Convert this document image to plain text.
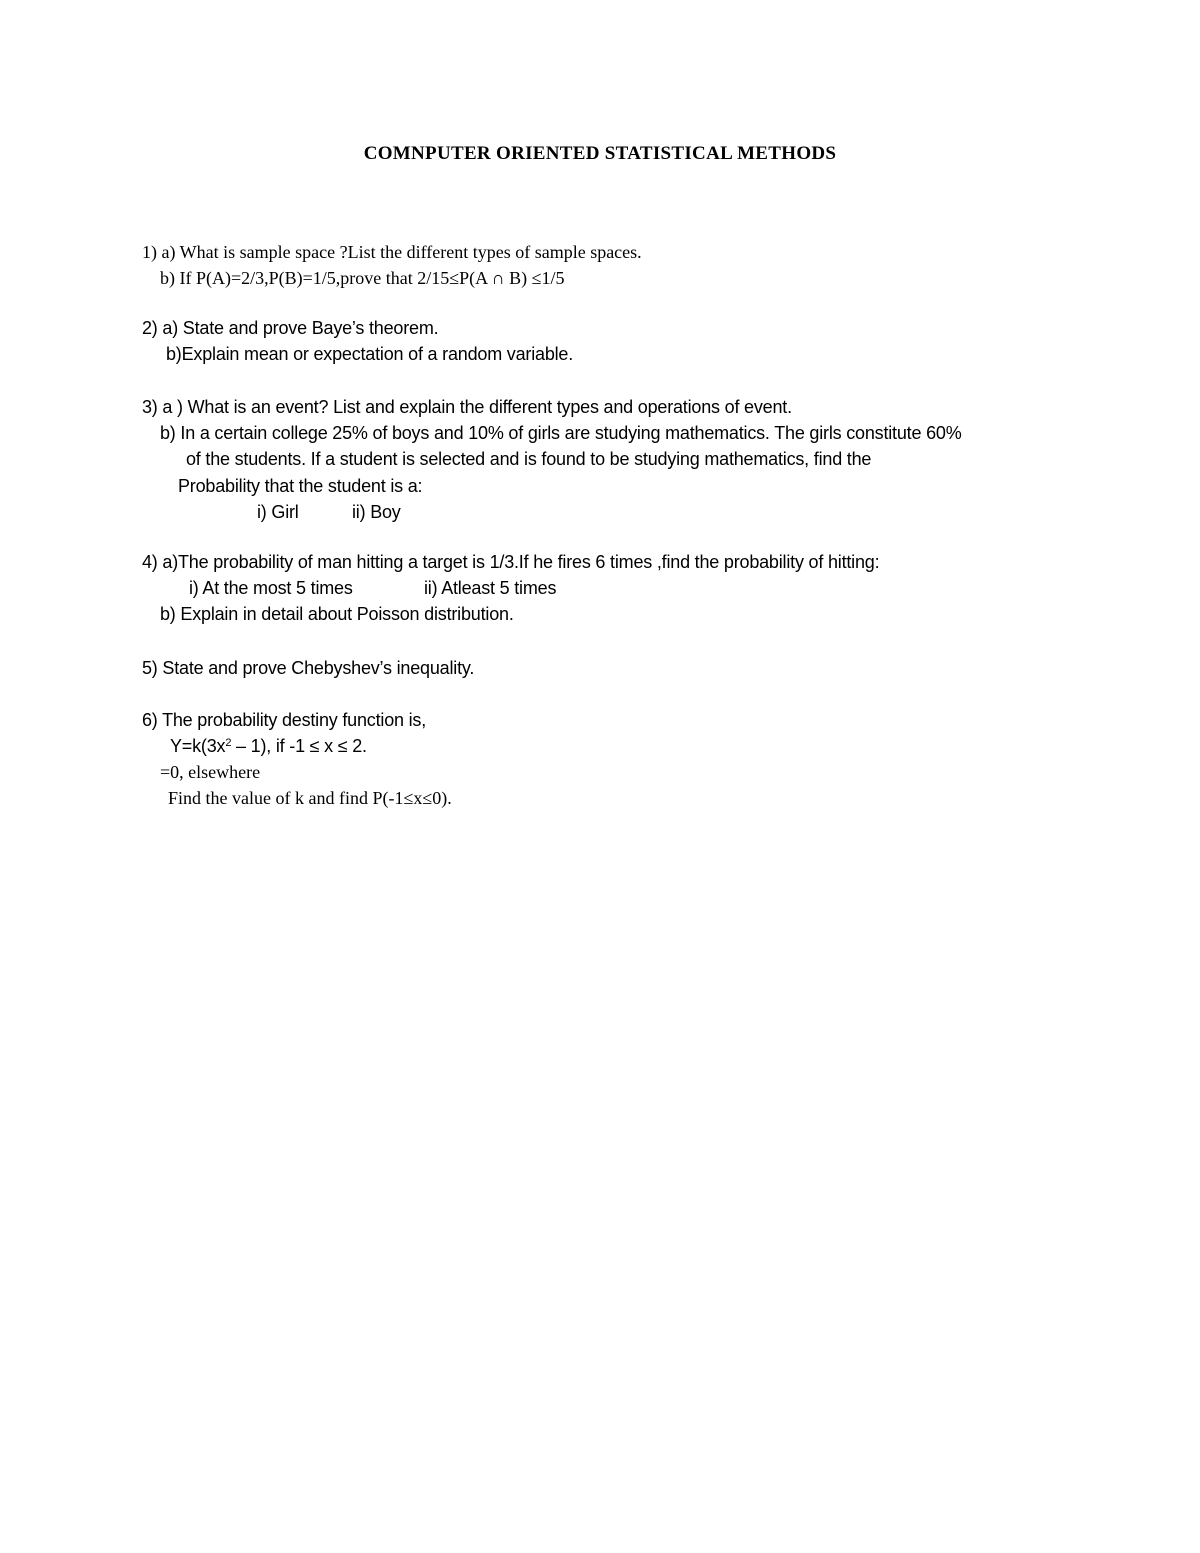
COMNPUTER ORIENTED STATISTICAL METHODS
1) a) What is sample space ?List the different types of sample spaces.
b) If P(A)=2/3,P(B)=1/5,prove that 2/15≤P(A ∩ B) ≤1/5
2) a) State and prove Baye’s theorem.
b)Explain mean or expectation of a random variable.
3) a ) What is an event? List and explain the different types and operations of event.
b) In a certain college 25% of boys and 10% of girls are studying mathematics. The girls constitute 60%
of the students. If a student is selected and is found to be studying mathematics, find the
Probability that the student is a:
i) Girl	ii) Boy
4) a)The probability of man hitting a target is 1/3.If he fires 6 times ,find the probability of hitting:
i) At the most 5 times	ii) Atleast 5 times
b) Explain in detail about Poisson distribution.
5) State and prove Chebyshev’s inequality.
6) The probability destiny function is,
$Y=k(3x^2 - 1)$, if -1 ≤ x ≤ 2.
=0, elsewhere
Find the value of k and find P(-1≤x≤0).
